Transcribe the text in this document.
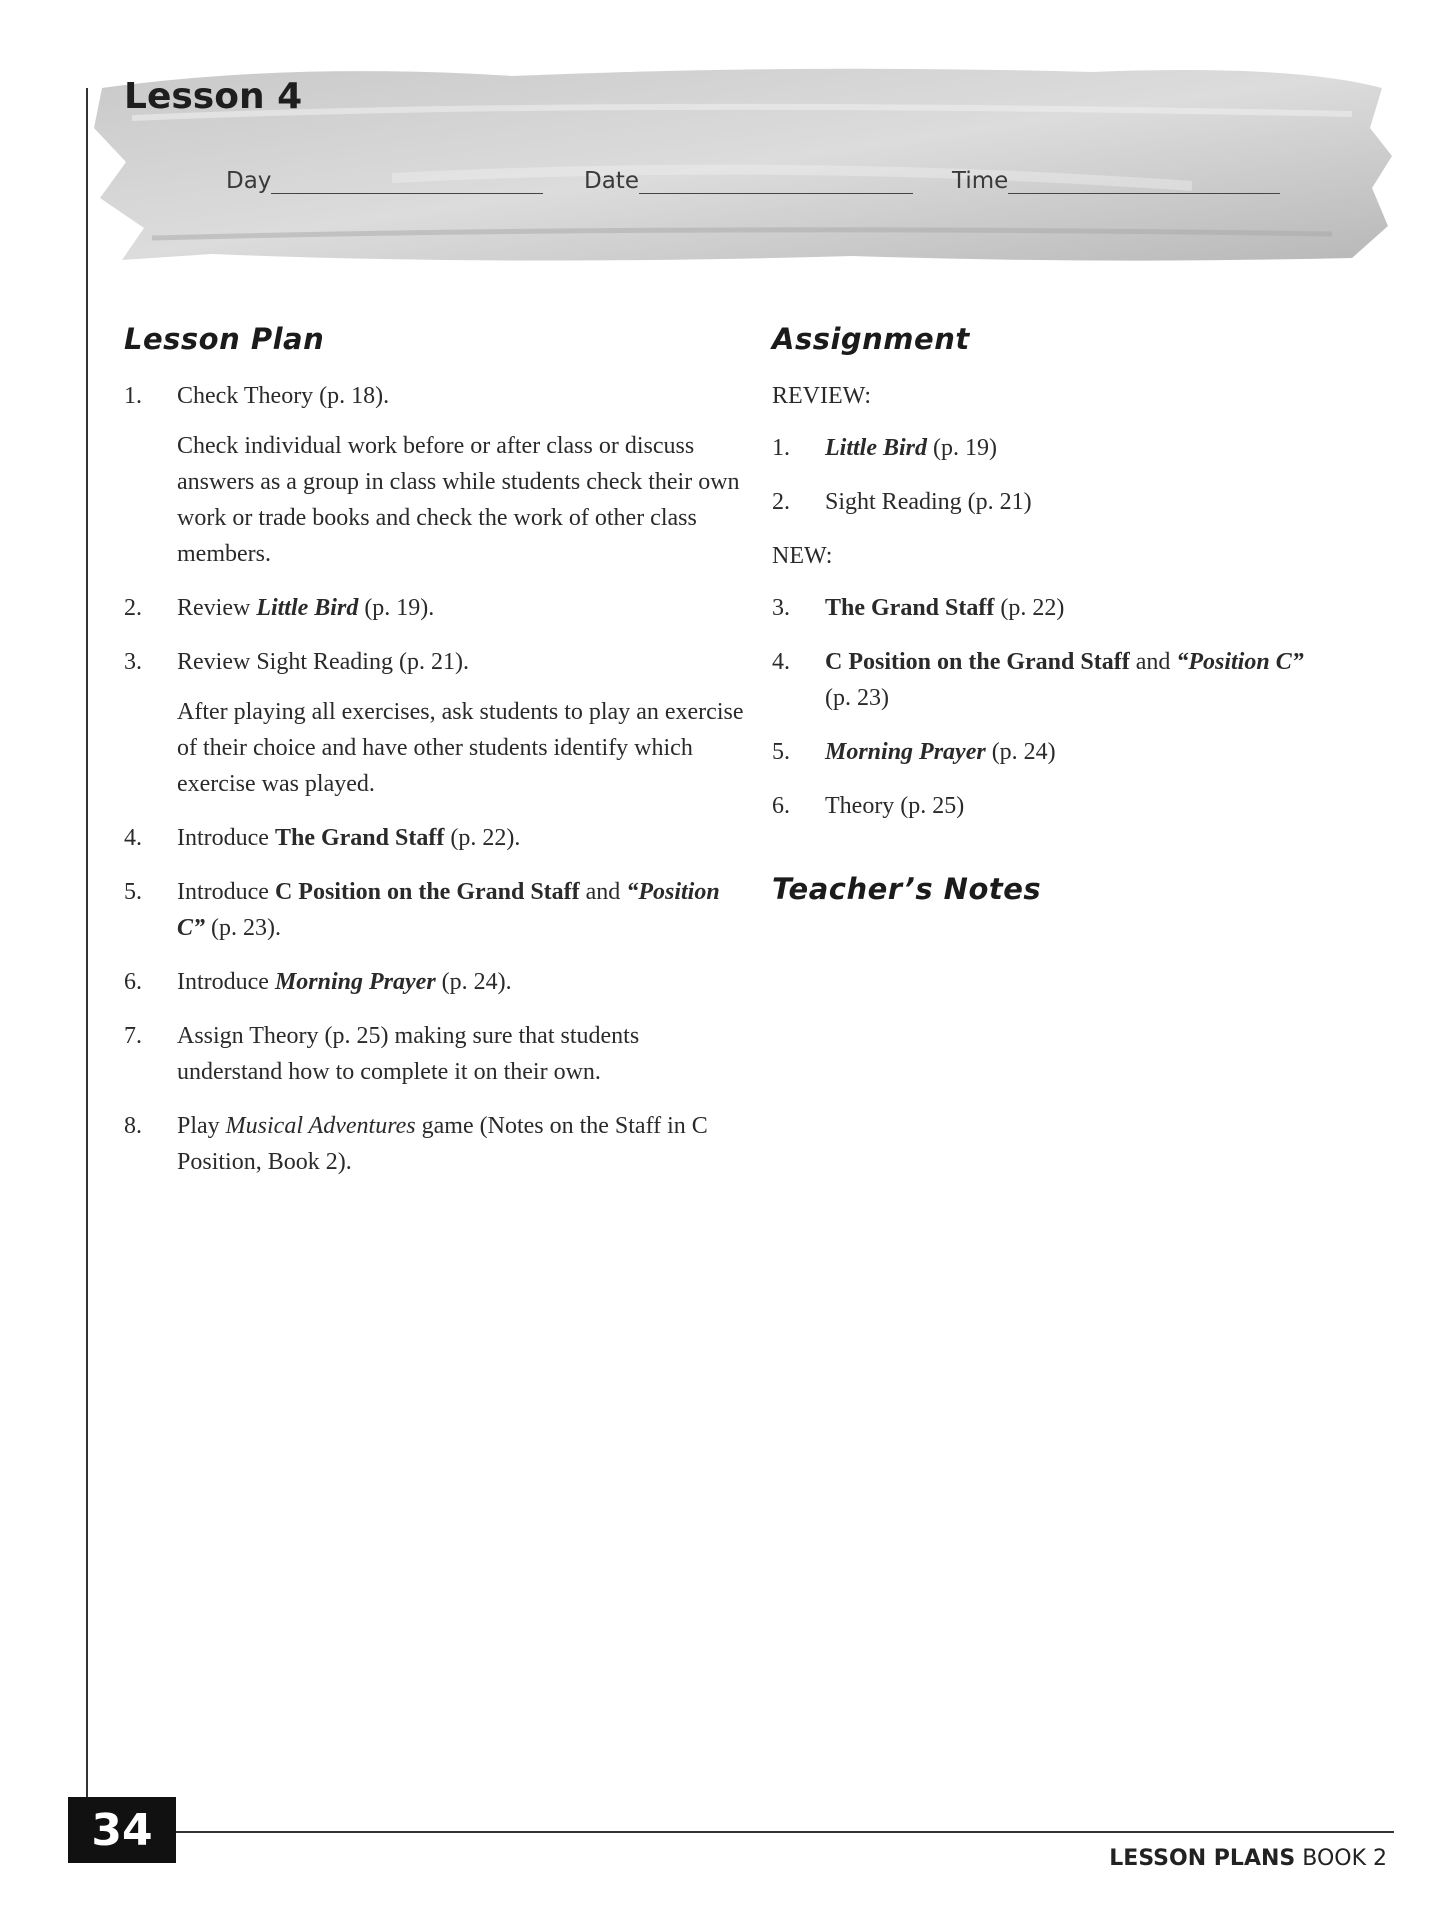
Lesson 4
Day	Date	Time
Lesson Plan
1.	Check Theory (p. 18).
Check individual work before or after class or discuss answers as a group in class while students check their own work or trade books and check the work of other class members.
2.	Review Little Bird (p. 19).
3.	Review Sight Reading (p. 21).
After playing all exercises, ask students to play an exercise of their choice and have other students identify which exercise was played.
4.	Introduce The Grand Staff (p. 22).
5.	Introduce C Position on the Grand Staff and “Position C” (p. 23).
6.	Introduce Morning Prayer (p. 24).
7.	Assign Theory (p. 25) making sure that students understand how to complete it on their own.
8.	Play Musical Adventures game (Notes on the Staff in C Position, Book 2).
Assignment
REVIEW:
1.	Little Bird (p. 19)
2.	Sight Reading (p. 21)
NEW:
3.	The Grand Staff (p. 22)
4.	C Position on the Grand Staff and “Position C” (p. 23)
5.	Morning Prayer (p. 24)
6.	Theory (p. 25)
Teacher’s Notes
34
LESSON PLANS BOOK 2
